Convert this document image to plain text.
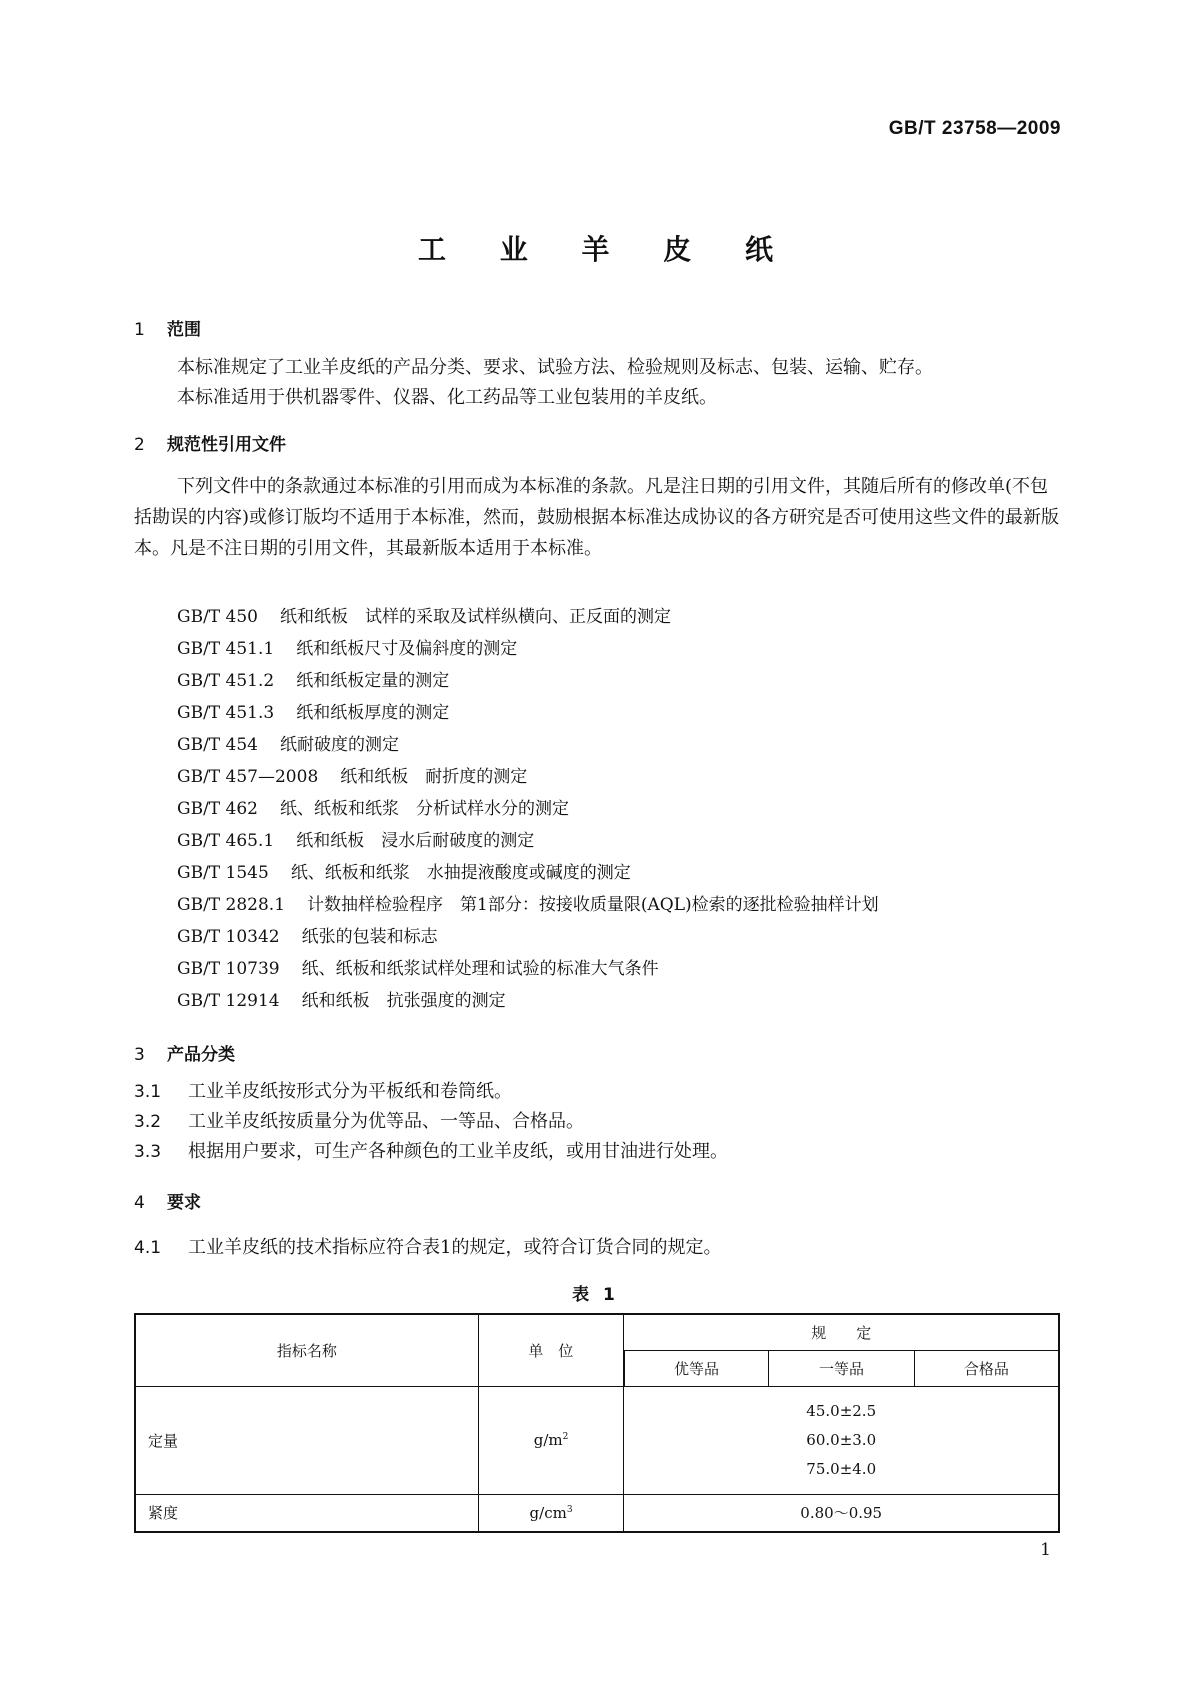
GB/T 23758—2009
工 业 羊 皮 纸
1 范围
本标准规定了工业羊皮纸的产品分类、要求、试验方法、检验规则及标志、包装、运输、贮存。
本标准适用于供机器零件、仪器、化工药品等工业包装用的羊皮纸。
2 规范性引用文件
下列文件中的条款通过本标准的引用而成为本标准的条款。凡是注日期的引用文件，其随后所有的修改单(不包括勘误的内容)或修订版均不适用于本标准，然而，鼓励根据本标准达成协议的各方研究是否可使用这些文件的最新版本。凡是不注日期的引用文件，其最新版本适用于本标准。
GB/T 450 纸和纸板　试样的采取及试样纵横向、正反面的测定
GB/T 451.1 纸和纸板尺寸及偏斜度的测定
GB/T 451.2 纸和纸板定量的测定
GB/T 451.3 纸和纸板厚度的测定
GB/T 454 纸耐破度的测定
GB/T 457—2008 纸和纸板　耐折度的测定
GB/T 462 纸、纸板和纸浆　分析试样水分的测定
GB/T 465.1 纸和纸板　浸水后耐破度的测定
GB/T 1545 纸、纸板和纸浆　水抽提液酸度或碱度的测定
GB/T 2828.1 计数抽样检验程序　第1部分：按接收质量限(AQL)检索的逐批检验抽样计划
GB/T 10342 纸张的包装和标志
GB/T 10739 纸、纸板和纸浆试样处理和试验的标准大气条件
GB/T 12914 纸和纸板　抗张强度的测定
3 产品分类
3.1 工业羊皮纸按形式分为平板纸和卷筒纸。
3.2 工业羊皮纸按质量分为优等品、一等品、合格品。
3.3 根据用户要求，可生产各种颜色的工业羊皮纸，或用甘油进行处理。
4 要求
4.1 工业羊皮纸的技术指标应符合表1的规定，或符合订货合同的规定。
表 1
指标名称	单　位	规　　定		
		优等品	一等品	合格品
定量	$g/m^2$	45.0±2.5
60.0±3.0
75.0±4.0		

紧度	$g/cm^3$	0.80～0.95		
1
